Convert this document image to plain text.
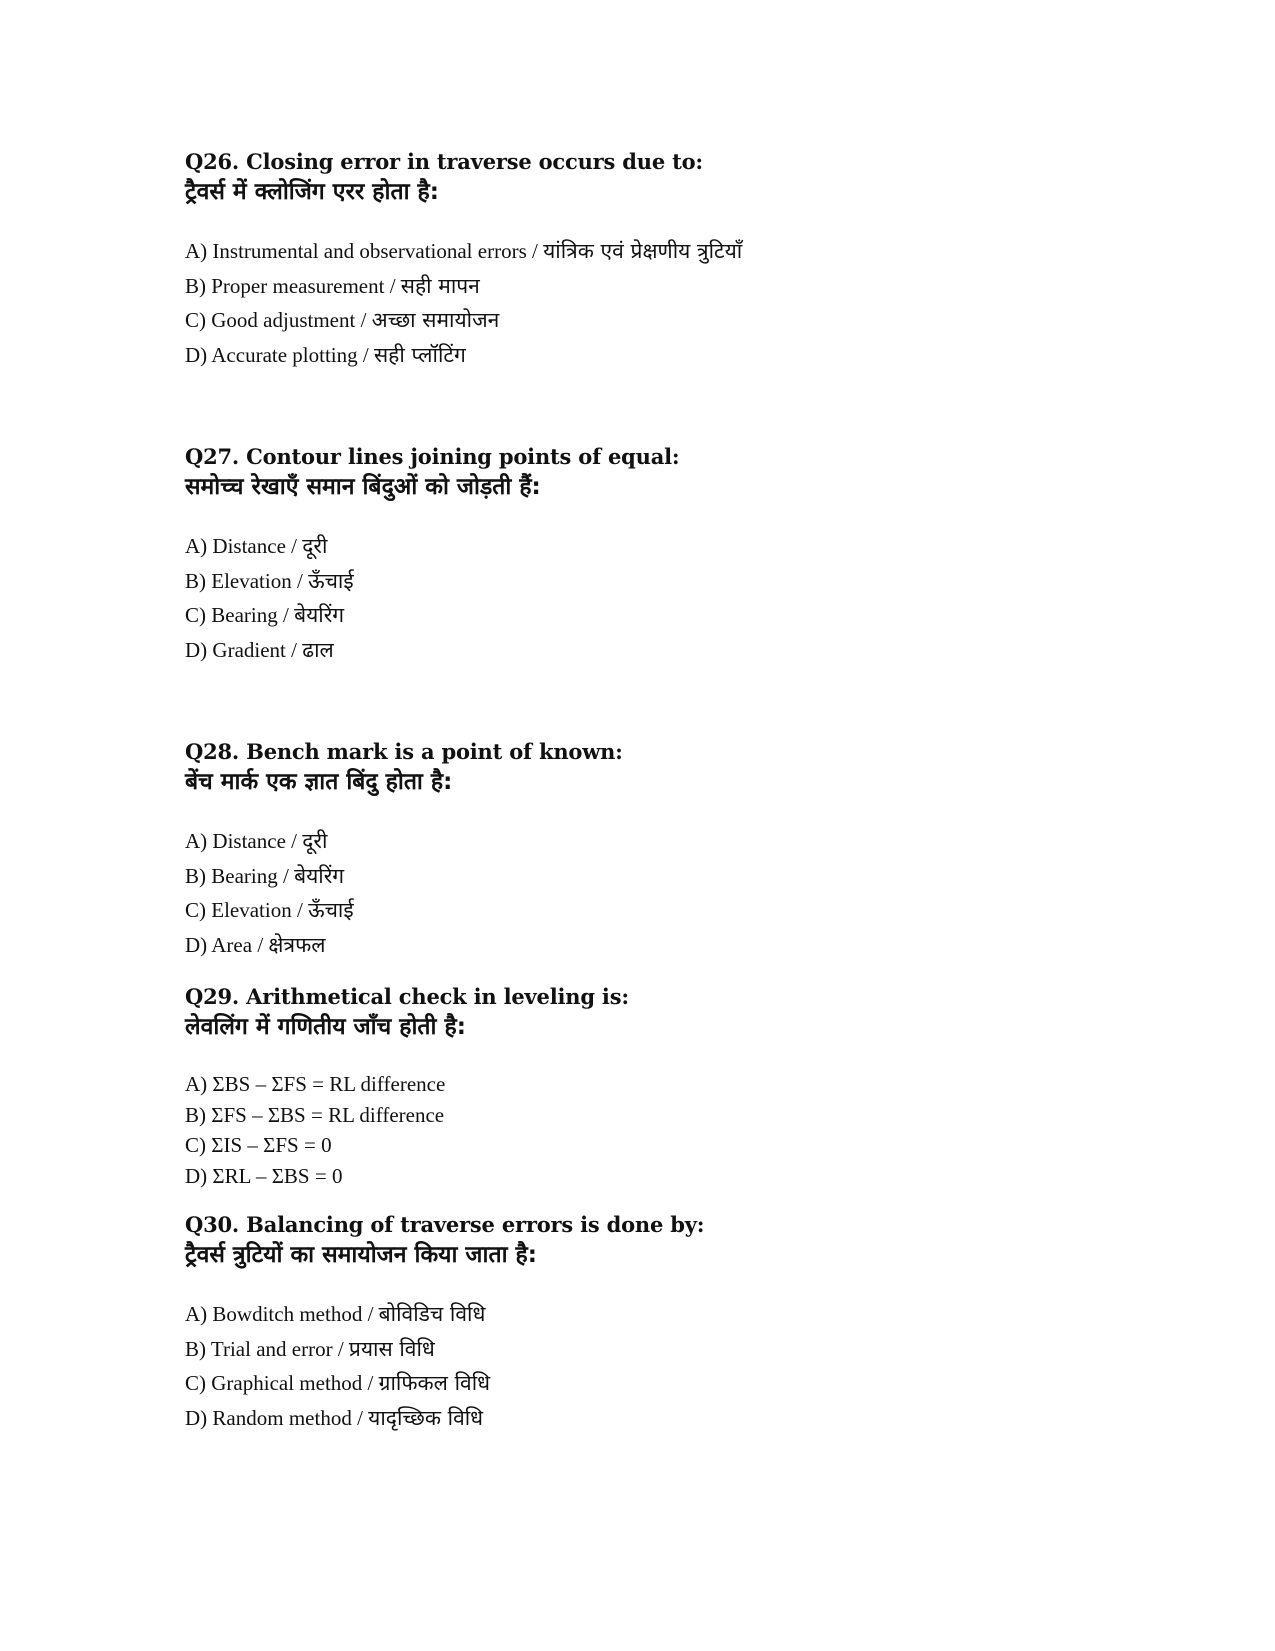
Q26. Closing error in traverse occurs due to:

ट्रैवर्स में क्लोजिंग एरर होता है:

A) Instrumental and observational errors / यांत्रिक एवं प्रेक्षणीय त्रुटियाँ
B) Proper measurement / सही मापन
C) Good adjustment / अच्छा समायोजन
D) Accurate plotting / सही प्लॉटिंग

Q27. Contour lines joining points of equal:

समोच्च रेखाएँ समान बिंदुओं को जोड़ती हैं:

A) Distance / दूरी
B) Elevation / ऊँचाई
C) Bearing / बेयरिंग
D) Gradient / ढाल

Q28. Bench mark is a point of known:

बेंच मार्क एक ज्ञात बिंदु होता है:

A) Distance / दूरी
B) Bearing / बेयरिंग
C) Elevation / ऊँचाई
D) Area / क्षेत्रफल

Q29. Arithmetical check in leveling is:

लेवलिंग में गणितीय जाँच होती है:

A) ΣBS – ΣFS = RL difference
B) ΣFS – ΣBS = RL difference
C) ΣIS – ΣFS = 0
D) ΣRL – ΣBS = 0

Q30. Balancing of traverse errors is done by:

ट्रैवर्स त्रुटियों का समायोजन किया जाता है:

A) Bowditch method / बोविडिच विधि
B) Trial and error / प्रयास विधि
C) Graphical method / ग्राफिकल विधि
D) Random method / यादृच्छिक विधि
